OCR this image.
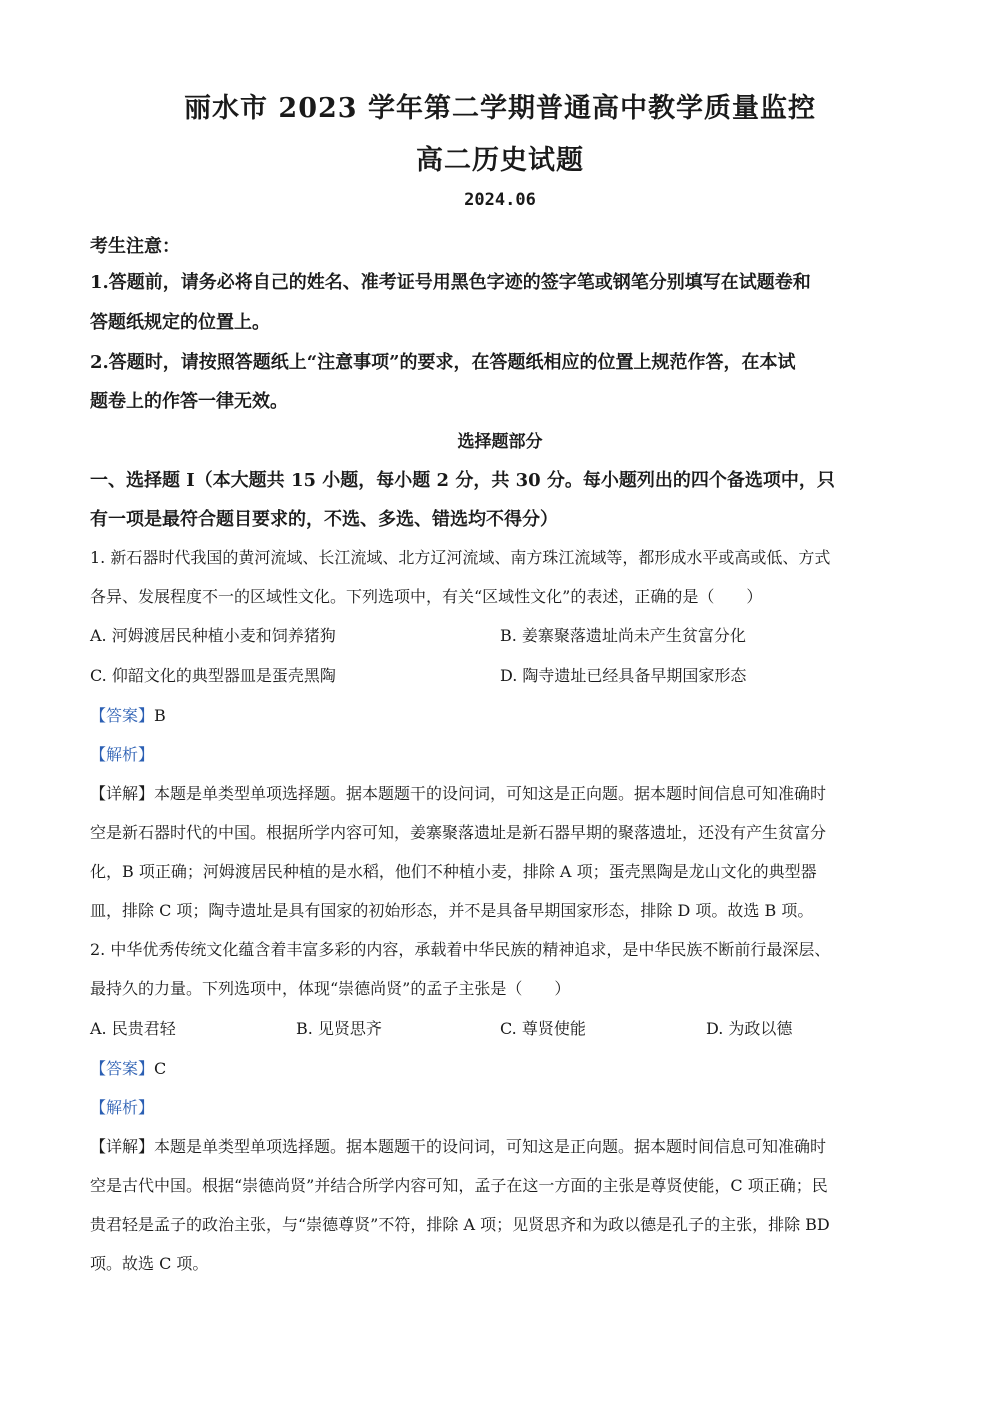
丽水市 2023 学年第二学期普通高中教学质量监控
高二历史试题
2024.06
考生注意：
1.答题前，请务必将自己的姓名、准考证号用黑色字迹的签字笔或钢笔分别填写在试题卷和
答题纸规定的位置上。
2.答题时，请按照答题纸上“注意事项”的要求，在答题纸相应的位置上规范作答，在本试
题卷上的作答一律无效。
选择题部分
一、选择题 I（本大题共 15 小题，每小题 2 分，共 30 分。每小题列出的四个备选项中，只
有一项是最符合题目要求的，不选、多选、错选均不得分）
1. 新石器时代我国的黄河流域、长江流域、北方辽河流域、南方珠江流域等，都形成水平或高或低、方式
各异、发展程度不一的区域性文化。下列选项中，有关“区域性文化”的表述，正确的是（　　）
A. 河姆渡居民种植小麦和饲养猪狗	B. 姜寨聚落遗址尚未产生贫富分化
C. 仰韶文化的典型器皿是蛋壳黑陶	D. 陶寺遗址已经具备早期国家形态
【答案】B
【解析】
【详解】本题是单类型单项选择题。据本题题干的设问词，可知这是正向题。据本题时间信息可知准确时
空是新石器时代的中国。根据所学内容可知，姜寨聚落遗址是新石器早期的聚落遗址，还没有产生贫富分
化，B 项正确；河姆渡居民种植的是水稻，他们不种植小麦，排除 A 项；蛋壳黑陶是龙山文化的典型器
皿，排除 C 项；陶寺遗址是具有国家的初始形态，并不是具备早期国家形态，排除 D 项。故选 B 项。
2. 中华优秀传统文化蕴含着丰富多彩的内容，承载着中华民族的精神追求，是中华民族不断前行最深层、
最持久的力量。下列选项中，体现“崇德尚贤”的孟子主张是（　　）
A. 民贵君轻	B. 见贤思齐	C. 尊贤使能	D. 为政以德
【答案】C
【解析】
【详解】本题是单类型单项选择题。据本题题干的设问词，可知这是正向题。据本题时间信息可知准确时
空是古代中国。根据“崇德尚贤”并结合所学内容可知，孟子在这一方面的主张是尊贤使能，C 项正确；民
贵君轻是孟子的政治主张，与“崇德尊贤”不符，排除 A 项；见贤思齐和为政以德是孔子的主张，排除 BD
项。故选 C 项。
